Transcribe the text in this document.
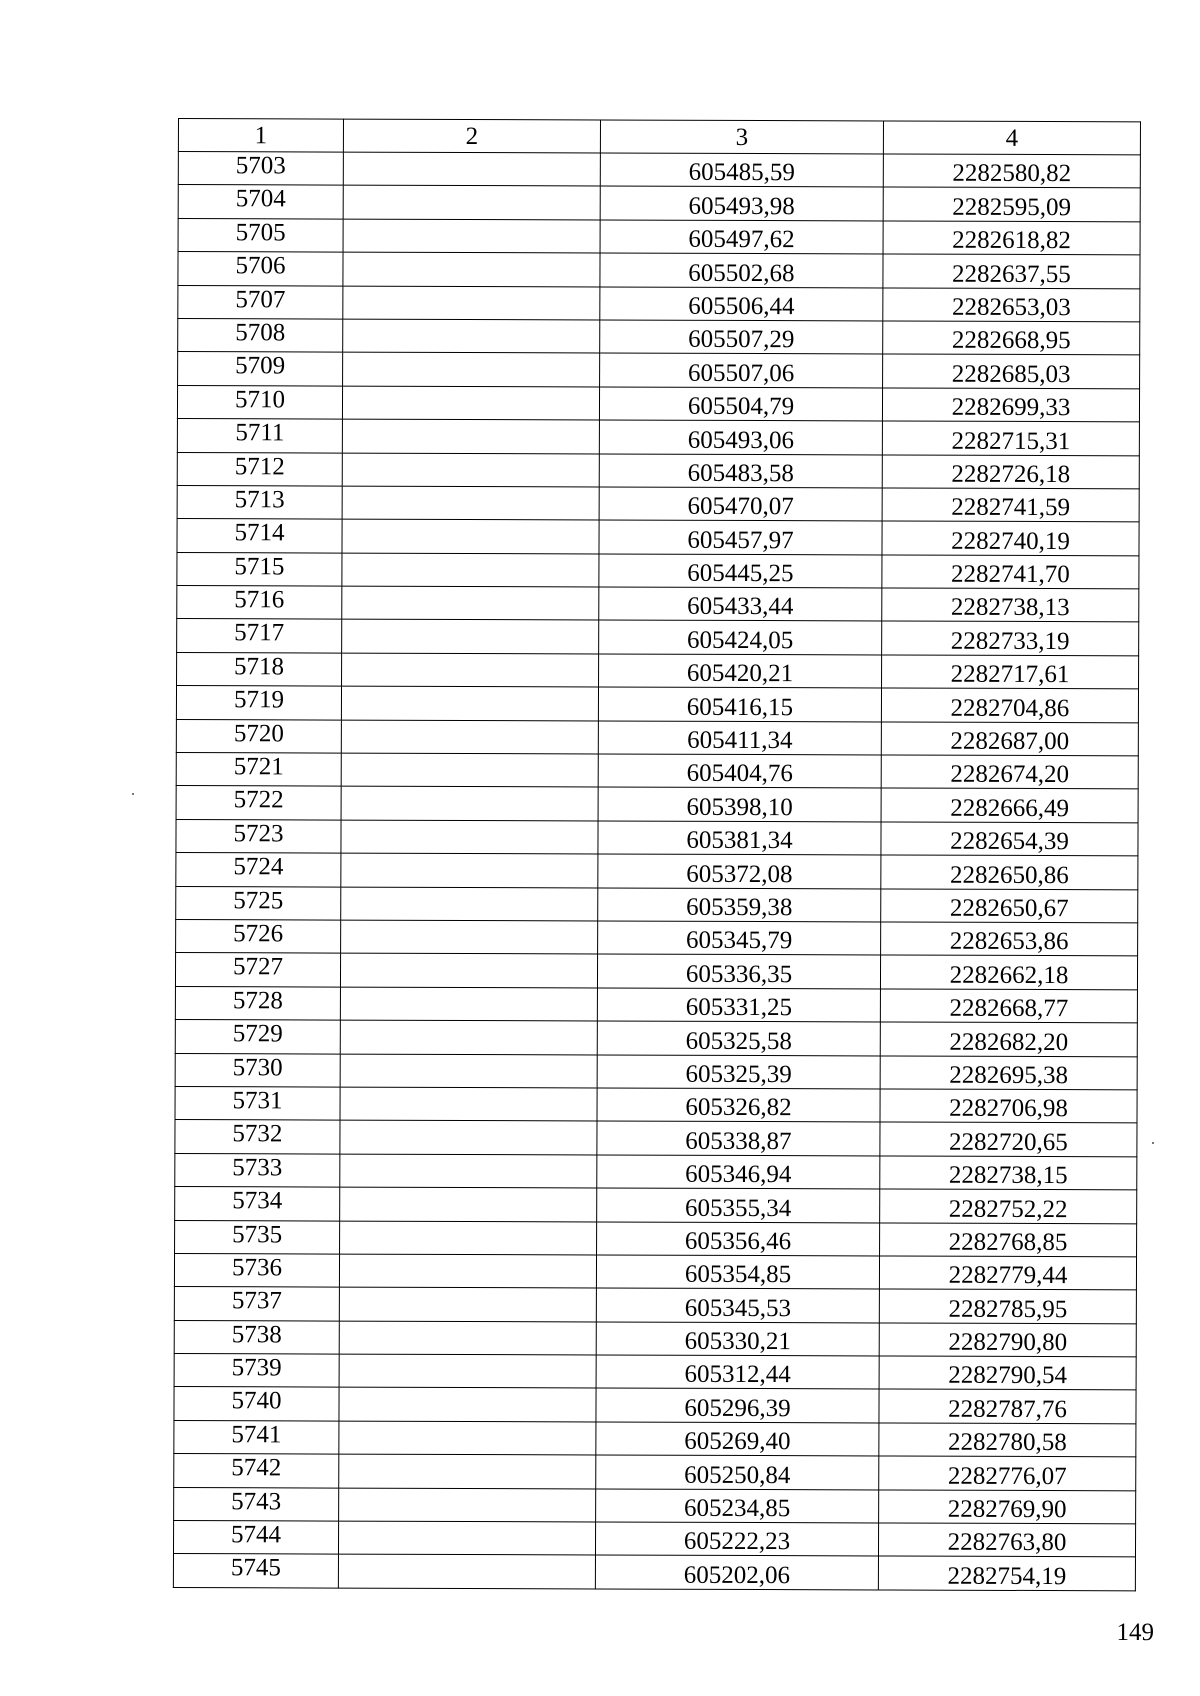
1	2	3	4
5703		605485,59	2282580,82
5704		605493,98	2282595,09
5705		605497,62	2282618,82
5706		605502,68	2282637,55
5707		605506,44	2282653,03
5708		605507,29	2282668,95
5709		605507,06	2282685,03
5710		605504,79	2282699,33
5711		605493,06	2282715,31
5712		605483,58	2282726,18
5713		605470,07	2282741,59
5714		605457,97	2282740,19
5715		605445,25	2282741,70
5716		605433,44	2282738,13
5717		605424,05	2282733,19
5718		605420,21	2282717,61
5719		605416,15	2282704,86
5720		605411,34	2282687,00
5721		605404,76	2282674,20
5722		605398,10	2282666,49
5723		605381,34	2282654,39
5724		605372,08	2282650,86
5725		605359,38	2282650,67
5726		605345,79	2282653,86
5727		605336,35	2282662,18
5728		605331,25	2282668,77
5729		605325,58	2282682,20
5730		605325,39	2282695,38
5731		605326,82	2282706,98
5732		605338,87	2282720,65
5733		605346,94	2282738,15
5734		605355,34	2282752,22
5735		605356,46	2282768,85
5736		605354,85	2282779,44
5737		605345,53	2282785,95
5738		605330,21	2282790,80
5739		605312,44	2282790,54
5740		605296,39	2282787,76
5741		605269,40	2282780,58
5742		605250,84	2282776,07
5743		605234,85	2282769,90
5744		605222,23	2282763,80
5745		605202,06	2282754,19
149
